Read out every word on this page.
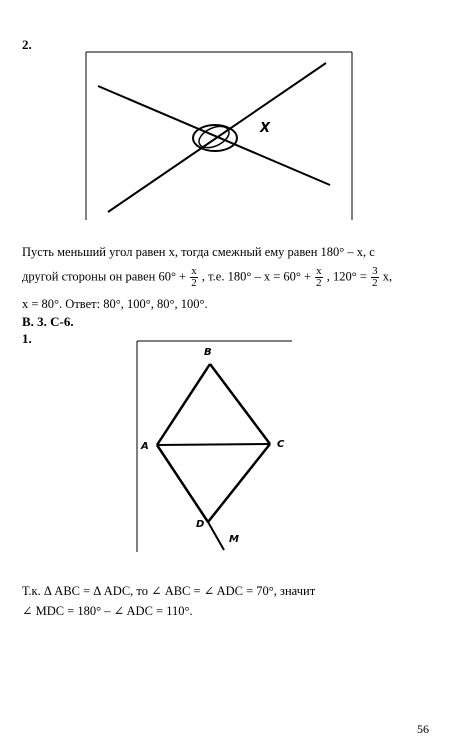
2.
X
Пусть меньший угол равен x, тогда смежный ему равен 180° – x, с
другой стороны он равен $60^\circ + \frac{x}{2}$ , т.е. $180^\circ - x = 60^\circ + \frac{x}{2}$ , $120^\circ = \frac{3}{2} x$,
x = 80°. Ответ: 80°, 100°, 80°, 100°.
В. 3. С-6.
1.
B
A	C
D
M
Т.к. Δ ABC = Δ ADC, то ∠ ABC = ∠ ADC = 70°, значит
∠ MDC = 180° – ∠ ADC = 110°.
56
